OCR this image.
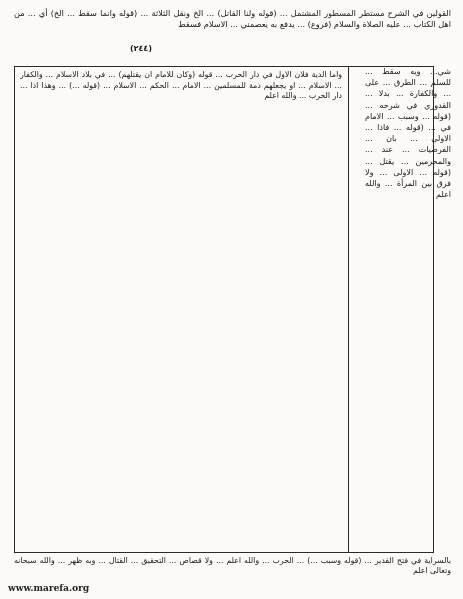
القولين في الشرح مستطر المسطور المشتمل ... (قوله ولنا القاتل) ... الخ ونقل الثلاثة ... (قوله وانما سقط ... الخ) أي ... من اهل الكتاب ... عليه الصلاة والسلام (فروع) ... يدفع به يعصمني ... الاسلام فسقط

(٢٤٤)

شي... ويه سقط ... للسلم ... الطرق ... على ... والكفارة ... بدلا ... القدوري في شرحه ... (قوله ... وسبب ... الامام في ... (قوله ... فاذا ... الاولى ... بان ... الفرضيات ... عند ... والمحرمين ... يقتل ... (قوله ... الاولى ... ولا فرق بين المرأة ... والله اعلم

واما الدية فلان الاول في دار الحرب ... قوله (وكان للامام ان يقتلهم) ... في بلاد الاسلام ... والكفار ... الاسلام ... او يجعلهم ذمة للمسلمين ... الامام ... الحكم ... الاسلام ... (قوله ...) ... وهذا اذا ... دار الحرب ... والله اعلم

بالسراية في فتح القدير ... (قوله وسبب ...) ... الحرب ... والله اعلم ... ولا قصاص ... التحقيق ... القتال ... وبه ظهر ... والله سبحانه وتعالى اعلم

www.marefa.org
